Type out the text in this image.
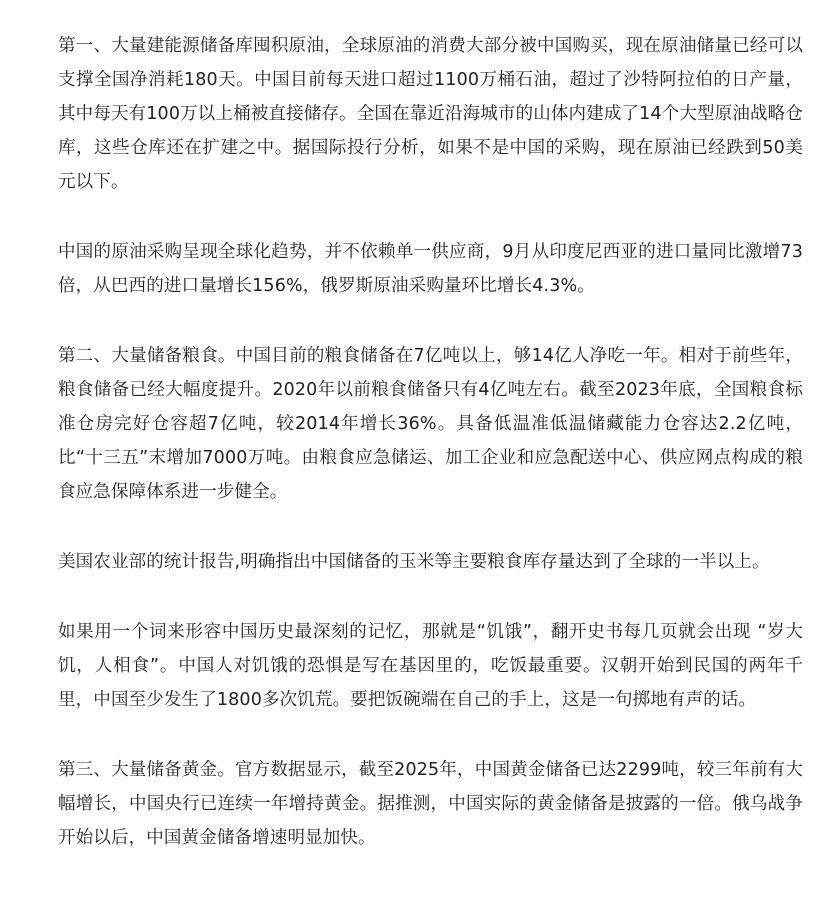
第一、大量建能源储备库囤积原油，全球原油的消费大部分被中国购买，现在原油储量已经可以支撑全国净消耗180天。中国目前每天进口超过1100万桶石油，超过了沙特阿拉伯的日产量，其中每天有100万以上桶被直接储存。全国在靠近沿海城市的山体内建成了14个大型原油战略仓库，这些仓库还在扩建之中。据国际投行分析，如果不是中国的采购，现在原油已经跌到50美元以下。

中国的原油采购呈现全球化趋势，并不依赖单一供应商，9月从印度尼西亚的进口量同比激增73倍，从巴西的进口量增长156%，俄罗斯原油采购量环比增长4.3%。

第二、大量储备粮食。中国目前的粮食储备在7亿吨以上，够14亿人净吃一年。相对于前些年，粮食储备已经大幅度提升。2020年以前粮食储备只有4亿吨左右。截至2023年底，全国粮食标准仓房完好仓容超7亿吨，较2014年增长36%。具备低温准低温储藏能力仓容达2.2亿吨，比“十三五”末增加7000万吨。由粮食应急储运、加工企业和应急配送中心、供应网点构成的粮食应急保障体系进一步健全。

美国农业部的统计报告,明确指出中国储备的玉米等主要粮食库存量达到了全球的一半以上。

如果用一个词来形容中国历史最深刻的记忆，那就是“饥饿”，翻开史书每几页就会出现 “岁大饥，人相食”。中国人对饥饿的恐惧是写在基因里的，吃饭最重要。汉朝开始到民国的两年千里，中国至少发生了1800多次饥荒。要把饭碗端在自己的手上，这是一句掷地有声的话。

第三、大量储备黄金。官方数据显示，截至2025年，中国黄金储备已达2299吨，较三年前有大幅增长，中国央行已连续一年增持黄金。据推测，中国实际的黄金储备是披露的一倍。俄乌战争开始以后，中国黄金储备增速明显加快。
